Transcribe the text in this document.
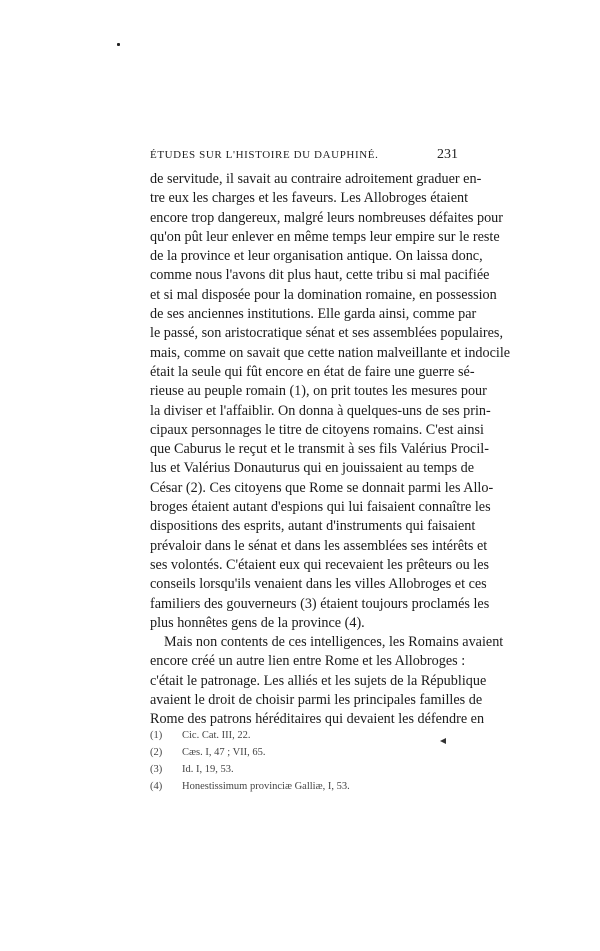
ÉTUDES SUR L'HISTOIRE DU DAUPHINÉ.	231
de servitude, il savait au contraire adroitement graduer en-
tre eux les charges et les faveurs. Les Allobroges étaient
encore trop dangereux, malgré leurs nombreuses défaites pour
qu'on pût leur enlever en même temps leur empire sur le reste
de la province et leur organisation antique. On laissa donc,
comme nous l'avons dit plus haut, cette tribu si mal pacifiée
et si mal disposée pour la domination romaine, en possession
de ses anciennes institutions. Elle garda ainsi, comme par
le passé, son aristocratique sénat et ses assemblées populaires,
mais, comme on savait que cette nation malveillante et indocile
était la seule qui fût encore en état de faire une guerre sé-
rieuse au peuple romain (1), on prit toutes les mesures pour
la diviser et l'affaiblir. On donna à quelques-uns de ses prin-
cipaux personnages le titre de citoyens romains. C'est ainsi
que Caburus le reçut et le transmit à ses fils Valérius Procil-
lus et Valérius Donauturus qui en jouissaient au temps de
César (2). Ces citoyens que Rome se donnait parmi les Allo-
broges étaient autant d'espions qui lui faisaient connaître les
dispositions des esprits, autant d'instruments qui faisaient
prévaloir dans le sénat et dans les assemblées ses intérêts et
ses volontés. C'étaient eux qui recevaient les prêteurs ou les
conseils lorsqu'ils venaient dans les villes Allobroges et ces
familiers des gouverneurs (3) étaient toujours proclamés les
plus honnêtes gens de la province (4).
Mais non contents de ces intelligences, les Romains avaient
encore créé un autre lien entre Rome et les Allobroges :
c'était le patronage. Les alliés et les sujets de la République
avaient le droit de choisir parmi les principales familles de
Rome des patrons héréditaires qui devaient les défendre en
(1) Cic. Cat. III, 22.
(2) Cæs. I, 47 ; VII, 65.
(3) Id. I, 19, 53.
(4) Honestissimum provinciæ Galliæ, I, 53.
